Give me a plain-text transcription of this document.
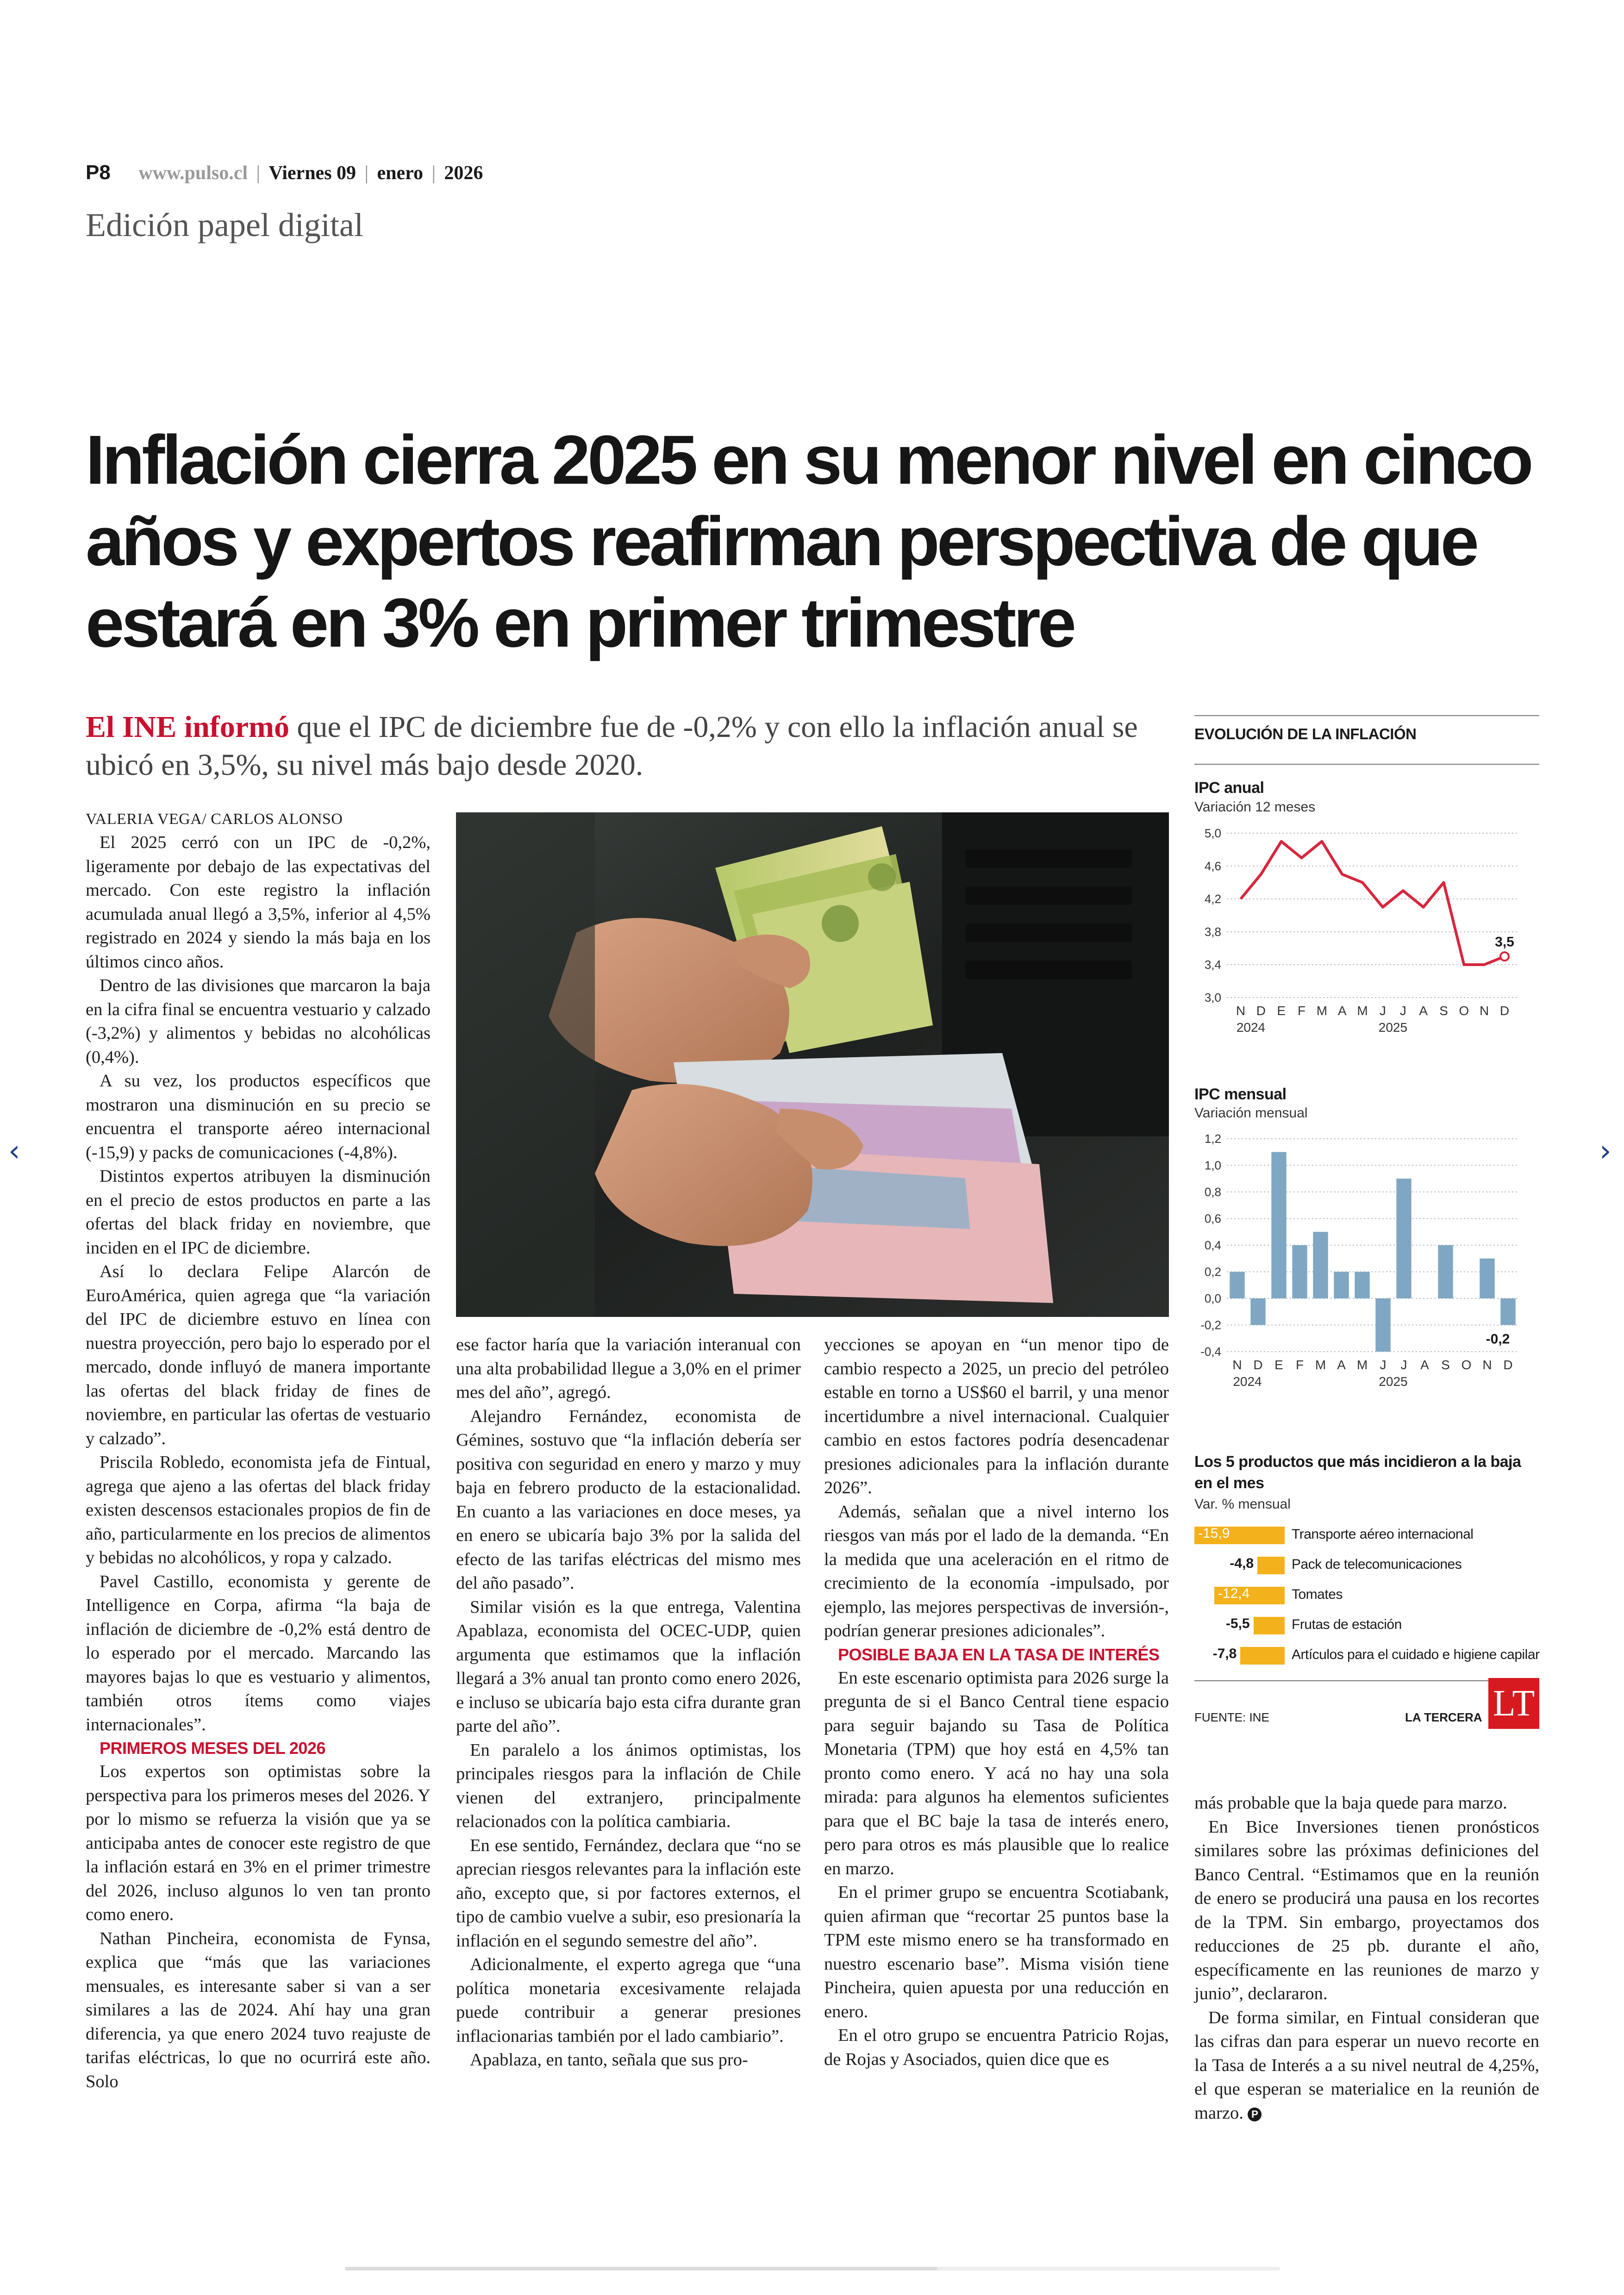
P8 www.pulso.cl | Viernes 09 | enero | 2026
Edición papel digital
Inflación cierra 2025 en su menor nivel en cinco años y expertos reafirman perspectiva de que estará en 3% en primer trimestre

El INE informó que el IPC de diciembre fue de -0,2% y con ello la inflación anual se ubicó en 3,5%, su nivel más bajo desde 2020.

VALERIA VEGA/ CARLOS ALONSO

El 2025 cerró con un IPC de -0,2%, ligeramente por debajo de las expectativas del mercado. Con este registro la inflación acumulada anual llegó a 3,5%, inferior al 4,5% registrado en 2024 y siendo la más baja en los últimos cinco años.

Dentro de las divisiones que marcaron la baja en la cifra final se encuentra vestuario y calzado (-3,2%) y alimentos y bebidas no alcohólicas (0,4%).

A su vez, los productos específicos que mostraron una disminución en su precio se encuentra el transporte aéreo internacional (-15,9) y packs de comunicaciones (-4,8%).

Distintos expertos atribuyen la disminución en el precio de estos productos en parte a las ofertas del black friday en noviembre, que inciden en el IPC de diciembre.

Así lo declara Felipe Alarcón de EuroAmérica, quien agrega que “la variación del IPC de diciembre estuvo en línea con nuestra proyección, pero bajo lo esperado por el mercado, donde influyó de manera importante las ofertas del black friday de fines de noviembre, en particular las ofertas de vestuario y calzado”.

Priscila Robledo, economista jefa de Fintual, agrega que ajeno a las ofertas del black friday existen descensos estacionales propios de fin de año, particularmente en los precios de alimentos y bebidas no alcohólicos, y ropa y calzado.

Pavel Castillo, economista y gerente de Intelligence en Corpa, afirma “la baja de inflación de diciembre de -0,2% está dentro de lo esperado por el mercado. Marcando las mayores bajas lo que es vestuario y alimentos, también otros ítems como viajes internacionales”.

PRIMEROS MESES DEL 2026

Los expertos son optimistas sobre la perspectiva para los primeros meses del 2026. Y por lo mismo se refuerza la visión que ya se anticipaba antes de conocer este registro de que la inflación estará en 3% en el primer trimestre del 2026, incluso algunos lo ven tan pronto como enero.

Nathan Pincheira, economista de Fynsa, explica que “más que las variaciones mensuales, es interesante saber si van a ser similares a las de 2024. Ahí hay una gran diferencia, ya que enero 2024 tuvo reajuste de tarifas eléctricas, lo que no ocurrirá este año. Solo

ese factor haría que la variación interanual con una alta probabilidad llegue a 3,0% en el primer mes del año”, agregó.

Alejandro Fernández, economista de Gémines, sostuvo que “la inflación debería ser positiva con seguridad en enero y marzo y muy baja en febrero producto de la estacionalidad. En cuanto a las variaciones en doce meses, ya en enero se ubicaría bajo 3% por la salida del efecto de las tarifas eléctricas del mismo mes del año pasado”.

Similar visión es la que entrega, Valentina Apablaza, economista del OCEC-UDP, quien argumenta que estimamos que la inflación llegará a 3% anual tan pronto como enero 2026, e incluso se ubicaría bajo esta cifra durante gran parte del año”.

En paralelo a los ánimos optimistas, los principales riesgos para la inflación de Chile vienen del extranjero, principalmente relacionados con la política cambiaria.

En ese sentido, Fernández, declara que “no se aprecian riesgos relevantes para la inflación este año, excepto que, si por factores externos, el tipo de cambio vuelve a subir, eso presionaría la inflación en el segundo semestre del año”.

Adicionalmente, el experto agrega que “una política monetaria excesivamente relajada puede contribuir a generar presiones inflacionarias también por el lado cambiario”.

Apablaza, en tanto, señala que sus pro-

yecciones se apoyan en “un menor tipo de cambio respecto a 2025, un precio del petróleo estable en torno a US$60 el barril, y una menor incertidumbre a nivel internacional. Cualquier cambio en estos factores podría desencadenar presiones adicionales para la inflación durante 2026”.

Además, señalan que a nivel interno los riesgos van más por el lado de la demanda. “En la medida que una aceleración en el ritmo de crecimiento de la economía -impulsado, por ejemplo, las mejores perspectivas de inversión-, podrían generar presiones adicionales”.

POSIBLE BAJA EN LA TASA DE INTERÉS

En este escenario optimista para 2026 surge la pregunta de si el Banco Central tiene espacio para seguir bajando su Tasa de Política Monetaria (TPM) que hoy está en 4,5% tan pronto como enero. Y acá no hay una sola mirada: para algunos ha elementos suficientes para que el BC baje la tasa de interés enero, pero para otros es más plausible que lo realice en marzo.

En el primer grupo se encuentra Scotiabank, quien afirman que “recortar 25 puntos base la TPM este mismo enero se ha transformado en nuestro escenario base”. Misma visión tiene Pincheira, quien apuesta por una reducción en enero.

En el otro grupo se encuentra Patricio Rojas, de Rojas y Asociados, quien dice que es

más probable que la baja quede para marzo.

En Bice Inversiones tienen pronósticos similares sobre las próximas definiciones del Banco Central. “Estimamos que en la reunión de enero se producirá una pausa en los recortes de la TPM. Sin embargo, proyectamos dos reducciones de 25 pb. durante el año, específicamente en las reuniones de marzo y junio”, declararon.

De forma similar, en Fintual consideran que las cifras dan para esperar un nuevo recorte en la Tasa de Interés a a su nivel neutral de 4,25%, el que esperan se materialice en la reunión de marzo. P

EVOLUCIÓN DE LA INFLACIÓN
IPC anual
Variación 12 meses
3,0
3,4
3,8
4,2
4,6
5,0
N D E F M A M J J A S O N D
2024	2025
3,5
IPC mensual
Variación mensual
-0,4
-0,2
0,0
0,2
0,4
0,6
0,8
1,0
1,2
N D E F M A M J J A S O N D
2024	2025
-0,2
Los 5 productos que más incidieron a la baja en el mes
Var. % mensual
-15,9	Transporte aéreo internacional
-4,8	Pack de telecomunicaciones
-12,4	Tomates
-5,5	Frutas de estación
-7,8	Artículos para el cuidado e higiene capilar
FUENTE: INE	LA TERCERA LT
‹	›
